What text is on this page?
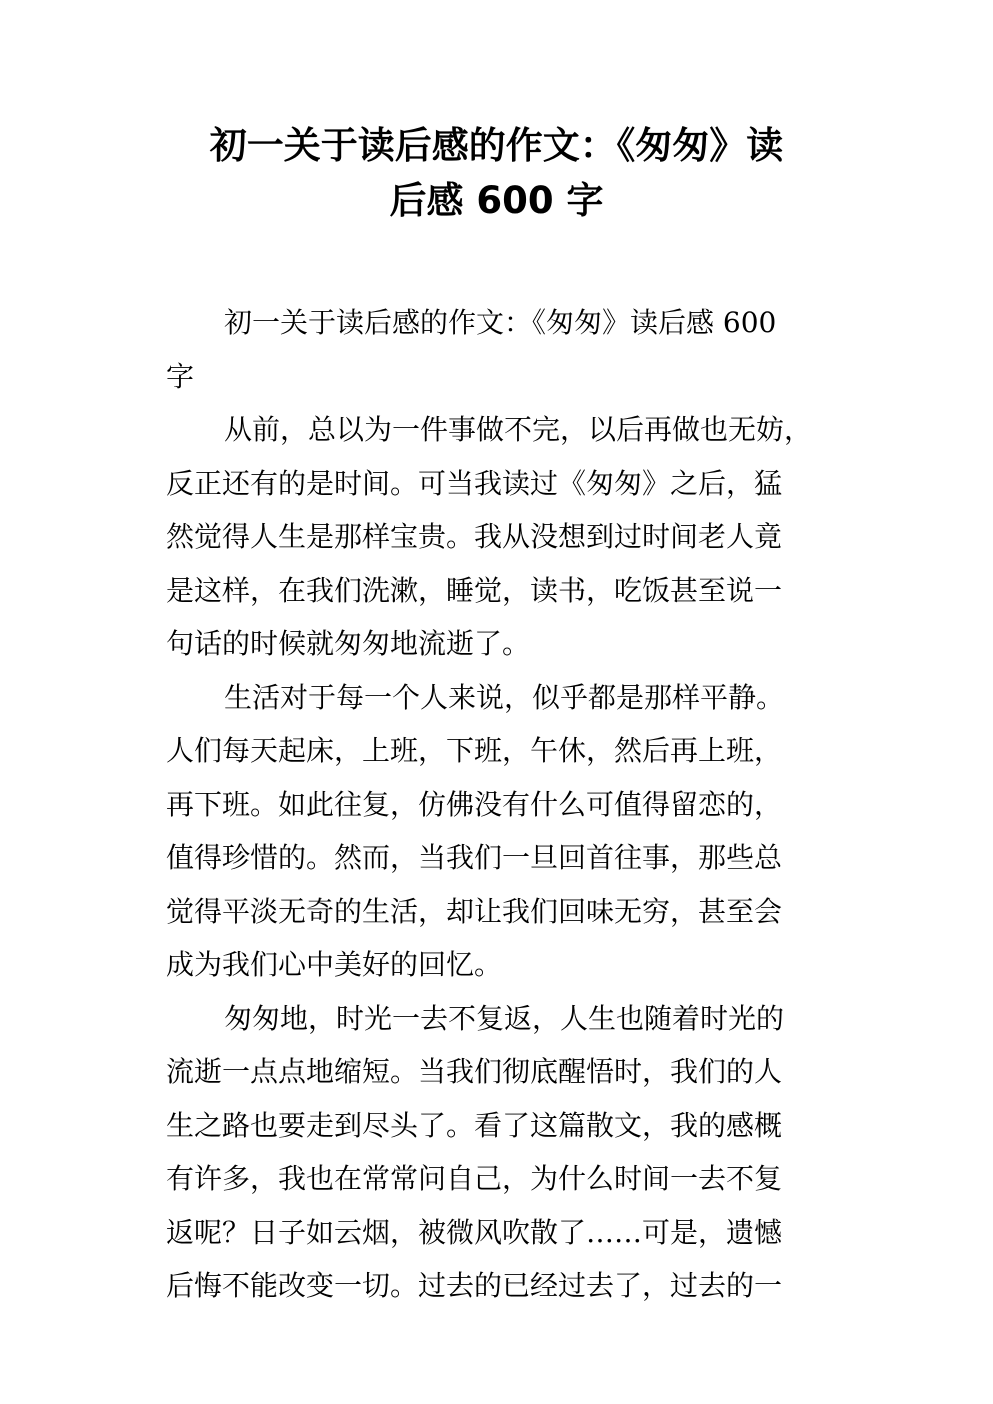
初一关于读后感的作文：《匆匆》读
后感 600 字
初一关于读后感的作文：《匆匆》读后感 600
字
从前，总以为一件事做不完，以后再做也无妨，
反正还有的是时间。可当我读过《匆匆》之后，猛
然觉得人生是那样宝贵。我从没想到过时间老人竟
是这样，在我们洗漱，睡觉，读书，吃饭甚至说一
句话的时候就匆匆地流逝了。
生活对于每一个人来说，似乎都是那样平静。
人们每天起床，上班，下班，午休，然后再上班，
再下班。如此往复，仿佛没有什么可值得留恋的，
值得珍惜的。然而，当我们一旦回首往事，那些总
觉得平淡无奇的生活，却让我们回味无穷，甚至会
成为我们心中美好的回忆。
匆匆地，时光一去不复返，人生也随着时光的
流逝一点点地缩短。当我们彻底醒悟时，我们的人
生之路也要走到尽头了。看了这篇散文，我的感概
有许多，我也在常常问自己，为什么时间一去不复
返呢？日子如云烟，被微风吹散了……可是，遗憾
后悔不能改变一切。过去的已经过去了，过去的一
